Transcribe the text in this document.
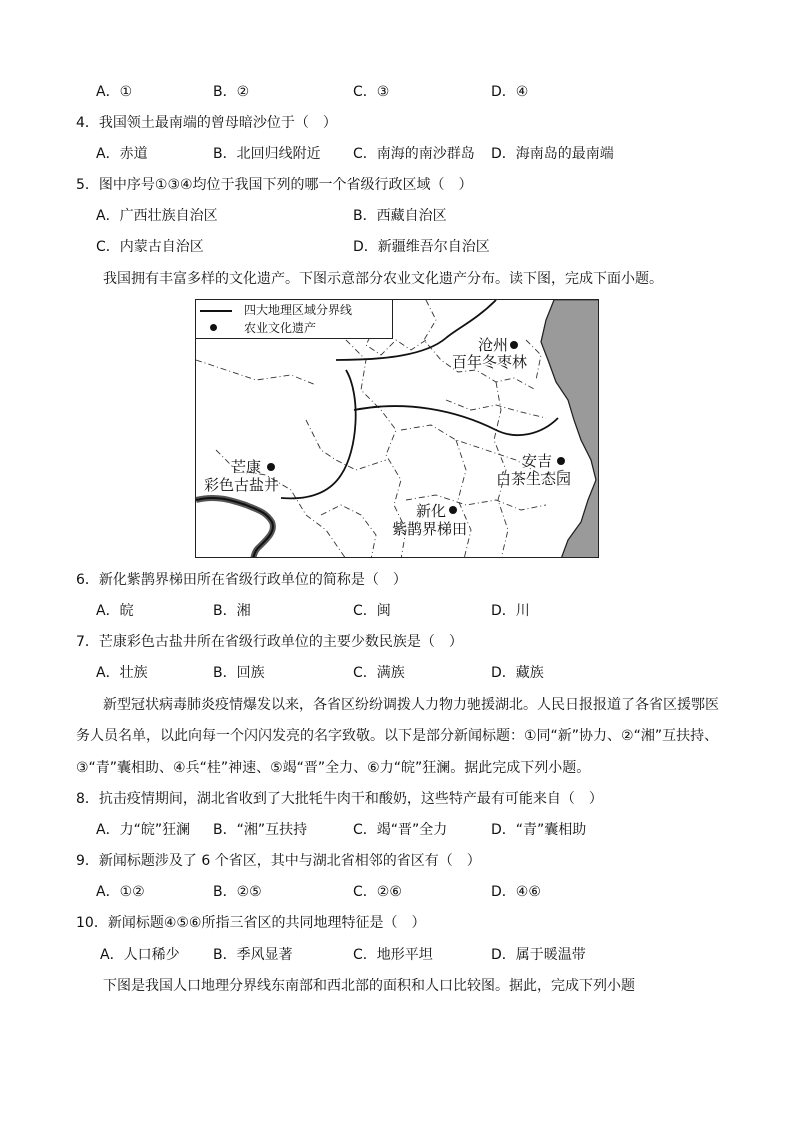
A．①	B．②	C．③	D．④
4．我国领土最南端的曾母暗沙位于（　）
A．赤道	B．北回归线附近 C．南海的南沙群岛 D．海南岛的最南端
5．图中序号①③④均位于我国下列的哪一个省级行政区域（　）
A．广西壮族自治区	B．西藏自治区
C．内蒙古自治区	D．新疆维吾尔自治区
我国拥有丰富多样的文化遗产。下图示意部分农业文化遗产分布。读下图，完成下面小题。
四大地理区域分界线
农业文化遗产
沧州
百年冬枣林
芒康
彩色古盐井
安吉
白茶生态园
新化
紫鹊界梯田
6．新化紫鹊界梯田所在省级行政单位的简称是（　）
A．皖	B．湘	C．闽	D．川
7．芒康彩色古盐井所在省级行政单位的主要少数民族是（　）
A．壮族	B．回族	C．满族	D．藏族
新型冠状病毒肺炎疫情爆发以来，各省区纷纷调拨人力物力驰援湖北。人民日报报道了各省区援鄂医
务人员名单，以此向每一个闪闪发亮的名字致敬。以下是部分新闻标题：①同“新”协力、②“湘”互扶持、
③“青”囊相助、④兵“桂”神速、⑤竭“晋”全力、⑥力“皖”狂澜。据此完成下列小题。
8．抗击疫情期间，湖北省收到了大批牦牛肉干和酸奶，这些特产最有可能来自（　）
A．力“皖”狂澜 B．“湘”互扶持	C．竭“晋”全力	D．“青”囊相助
9．新闻标题涉及了 6 个省区，其中与湖北省相邻的省区有（　）
A．①②	B．②⑤	C．②⑥	D．④⑥
10．新闻标题④⑤⑥所指三省区的共同地理特征是（　）
A．人口稀少 B．季风显著	C．地形平坦	D．属于暖温带
下图是我国人口地理分界线东南部和西北部的面积和人口比较图。据此，完成下列小题
